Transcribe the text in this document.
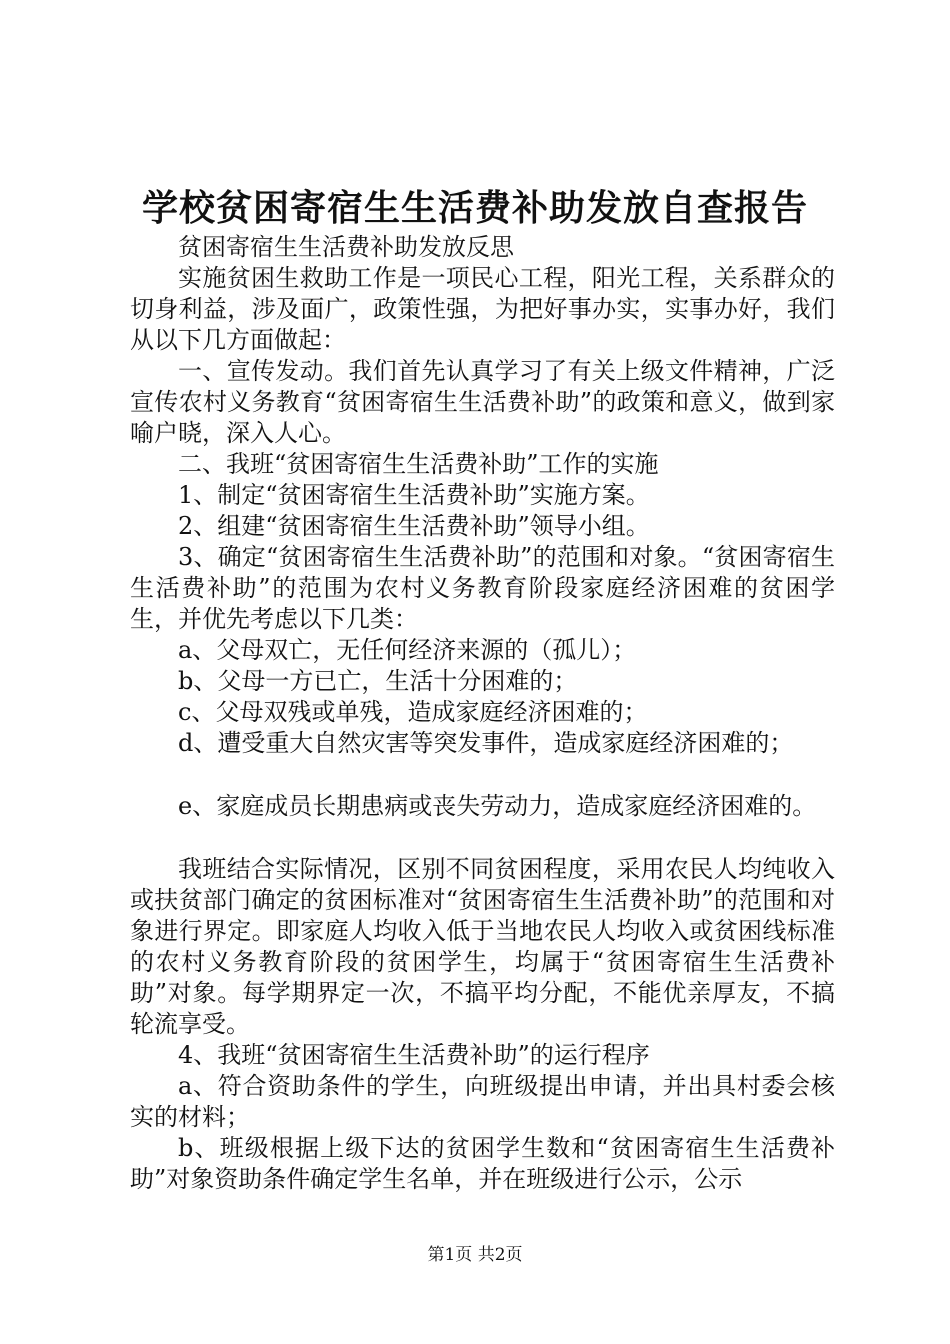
学校贫困寄宿生生活费补助发放自查报告

贫困寄宿生生活费补助发放反思

实施贫困生救助工作是一项民心工程，阳光工程，关系群众的切身利益，涉及面广，政策性强，为把好事办实，实事办好，我们从以下几方面做起：

一、宣传发动。我们首先认真学习了有关上级文件精神，广泛宣传农村义务教育“贫困寄宿生生活费补助”的政策和意义，做到家喻户晓，深入人心。

二、我班“贫困寄宿生生活费补助”工作的实施

1、制定“贫困寄宿生生活费补助”实施方案。

2、组建“贫困寄宿生生活费补助”领导小组。

3、确定“贫困寄宿生生活费补助”的范围和对象。“贫困寄宿生生活费补助”的范围为农村义务教育阶段家庭经济困难的贫困学生，并优先考虑以下几类：

a、父母双亡，无任何经济来源的（孤儿）；

b、父母一方已亡，生活十分困难的；

c、父母双残或单残，造成家庭经济困难的；

d、遭受重大自然灾害等突发事件，造成家庭经济困难的；

e、家庭成员长期患病或丧失劳动力，造成家庭经济困难的。

我班结合实际情况，区别不同贫困程度，采用农民人均纯收入或扶贫部门确定的贫困标准对“贫困寄宿生生活费补助”的范围和对象进行界定。即家庭人均收入低于当地农民人均收入或贫困线标准的农村义务教育阶段的贫困学生，均属于“贫困寄宿生生活费补助”对象。每学期界定一次，不搞平均分配，不能优亲厚友，不搞轮流享受。

4、我班“贫困寄宿生生活费补助”的运行程序

a、符合资助条件的学生，向班级提出申请，并出具村委会核实的材料；

b、班级根据上级下达的贫困学生数和“贫困寄宿生生活费补助”对象资助条件确定学生名单，并在班级进行公示，公示

第1页 共2页
